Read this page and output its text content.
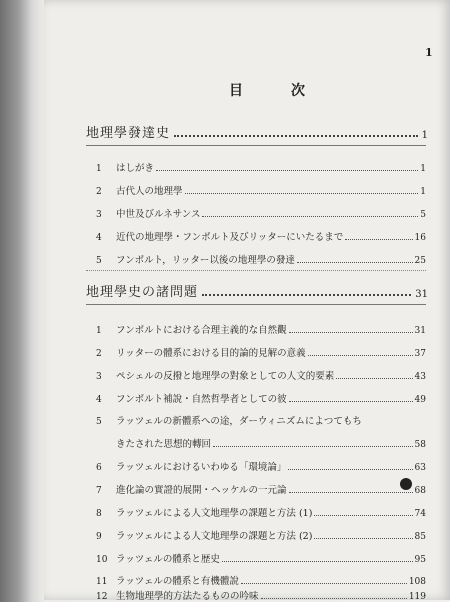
1
目次
地理學發達史	1
1	はしがき	1
2	古代人の地理學	1
3	中世及びルネサンス	5
4	近代の地理學・フンボルト及びリッターにいたるまで	16
5	フンボルト，リッター以後の地理學の發達	25
地理學史の諸問題	31
1	フンボルトにおける合理主義的な自然觀	31
2	リッターの體系における目的論的見解の意義	37
3	ペシェルの反撥と地理學の對象としての人文的要素	43
4	フンボルト補說・自然哲學者としての彼	49
5	ラッツェルの新體系への途，ダーウィニズムによつてもち
きたされた思想的轉回	58
6	ラッツェルにおけるいわゆる「環境論」	63
7	進化論の實證的展開・ヘッケルの一元論	68
8	ラッツェルによる人文地理學の課題と方法 (1)	74
9	ラッツェルによる人文地理學の課題と方法 (2)	85
10 ラッツェルの體系と歴史	95
11 ラッツェルの體系と有機體說	108
12 生物地理學的方法たるものの吟味	119
